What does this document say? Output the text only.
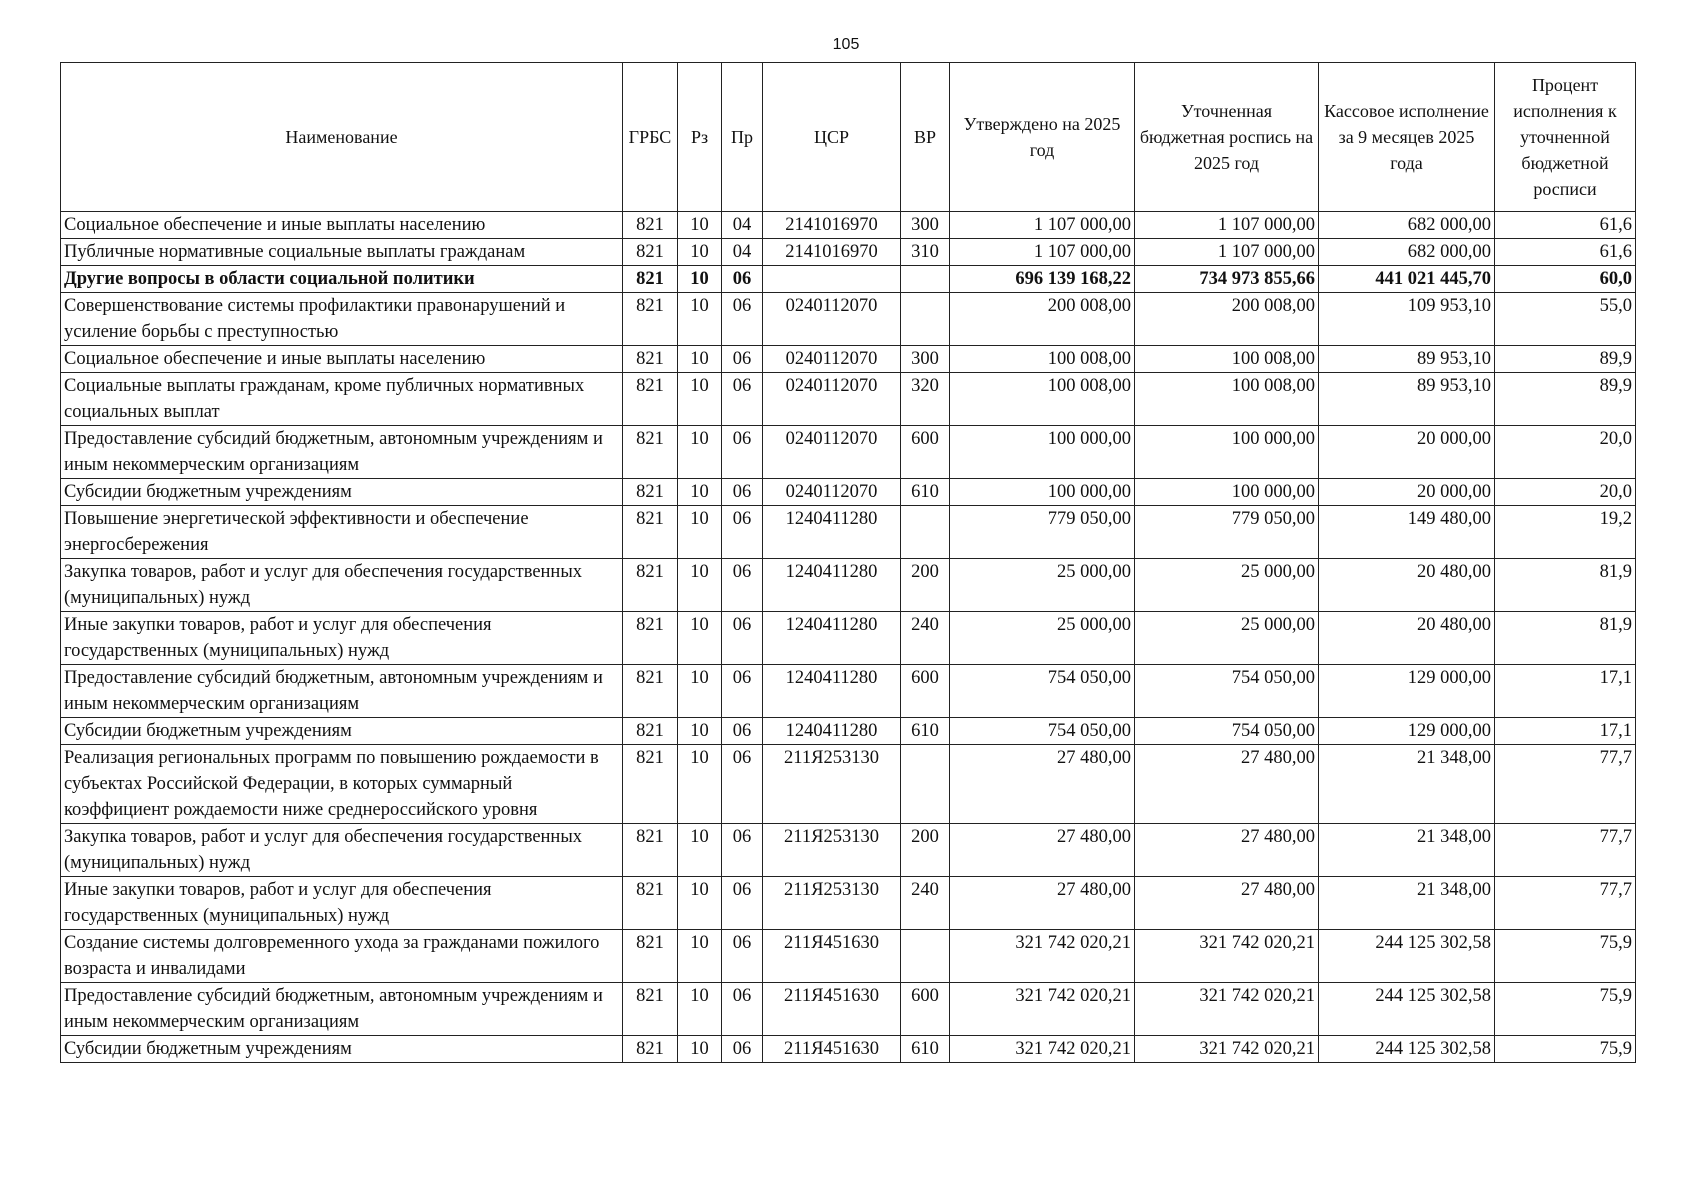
105
Наименование	ГРБС	Рз	Пр	ЦСР	ВР	Утверждено на 2025 год	Уточненная бюджетная роспись на 2025 год	Кассовое исполнение за 9 месяцев 2025 года	Процент исполнения к уточненной бюджетной росписи
Социальное обеспечение и иные выплаты населению	821	10	04	2141016970	300	1 107 000,00	1 107 000,00	682 000,00	61,6
Публичные нормативные социальные выплаты гражданам	821	10	04	2141016970	310	1 107 000,00	1 107 000,00	682 000,00	61,6
Другие вопросы в области социальной политики	821	10	06			696 139 168,22	734 973 855,66	441 021 445,70	60,0
Совершенствование системы профилактики правонарушений и усиление борьбы с преступностью	821	10	06	0240112070		200 008,00	200 008,00	109 953,10	55,0
Социальное обеспечение и иные выплаты населению	821	10	06	0240112070	300	100 008,00	100 008,00	89 953,10	89,9
Социальные выплаты гражданам, кроме публичных нормативных социальных выплат	821	10	06	0240112070	320	100 008,00	100 008,00	89 953,10	89,9
Предоставление субсидий бюджетным, автономным учреждениям и иным некоммерческим организациям	821	10	06	0240112070	600	100 000,00	100 000,00	20 000,00	20,0
Субсидии бюджетным учреждениям	821	10	06	0240112070	610	100 000,00	100 000,00	20 000,00	20,0
Повышение энергетической эффективности и обеспечение энергосбережения	821	10	06	1240411280		779 050,00	779 050,00	149 480,00	19,2
Закупка товаров, работ и услуг для обеспечения государственных (муниципальных) нужд	821	10	06	1240411280	200	25 000,00	25 000,00	20 480,00	81,9
Иные закупки товаров, работ и услуг для обеспечения государственных (муниципальных) нужд	821	10	06	1240411280	240	25 000,00	25 000,00	20 480,00	81,9
Предоставление субсидий бюджетным, автономным учреждениям и иным некоммерческим организациям	821	10	06	1240411280	600	754 050,00	754 050,00	129 000,00	17,1
Субсидии бюджетным учреждениям	821	10	06	1240411280	610	754 050,00	754 050,00	129 000,00	17,1
Реализация региональных программ по повышению рождаемости в субъектах Российской Федерации, в которых суммарный коэффициент рождаемости ниже среднероссийского уровня	821	10	06	211Я253130		27 480,00	27 480,00	21 348,00	77,7
Закупка товаров, работ и услуг для обеспечения государственных (муниципальных) нужд	821	10	06	211Я253130	200	27 480,00	27 480,00	21 348,00	77,7
Иные закупки товаров, работ и услуг для обеспечения государственных (муниципальных) нужд	821	10	06	211Я253130	240	27 480,00	27 480,00	21 348,00	77,7
Создание системы долговременного ухода за гражданами пожилого возраста и инвалидами	821	10	06	211Я451630		321 742 020,21	321 742 020,21	244 125 302,58	75,9
Предоставление субсидий бюджетным, автономным учреждениям и иным некоммерческим организациям	821	10	06	211Я451630	600	321 742 020,21	321 742 020,21	244 125 302,58	75,9
Субсидии бюджетным учреждениям	821	10	06	211Я451630	610	321 742 020,21	321 742 020,21	244 125 302,58	75,9
